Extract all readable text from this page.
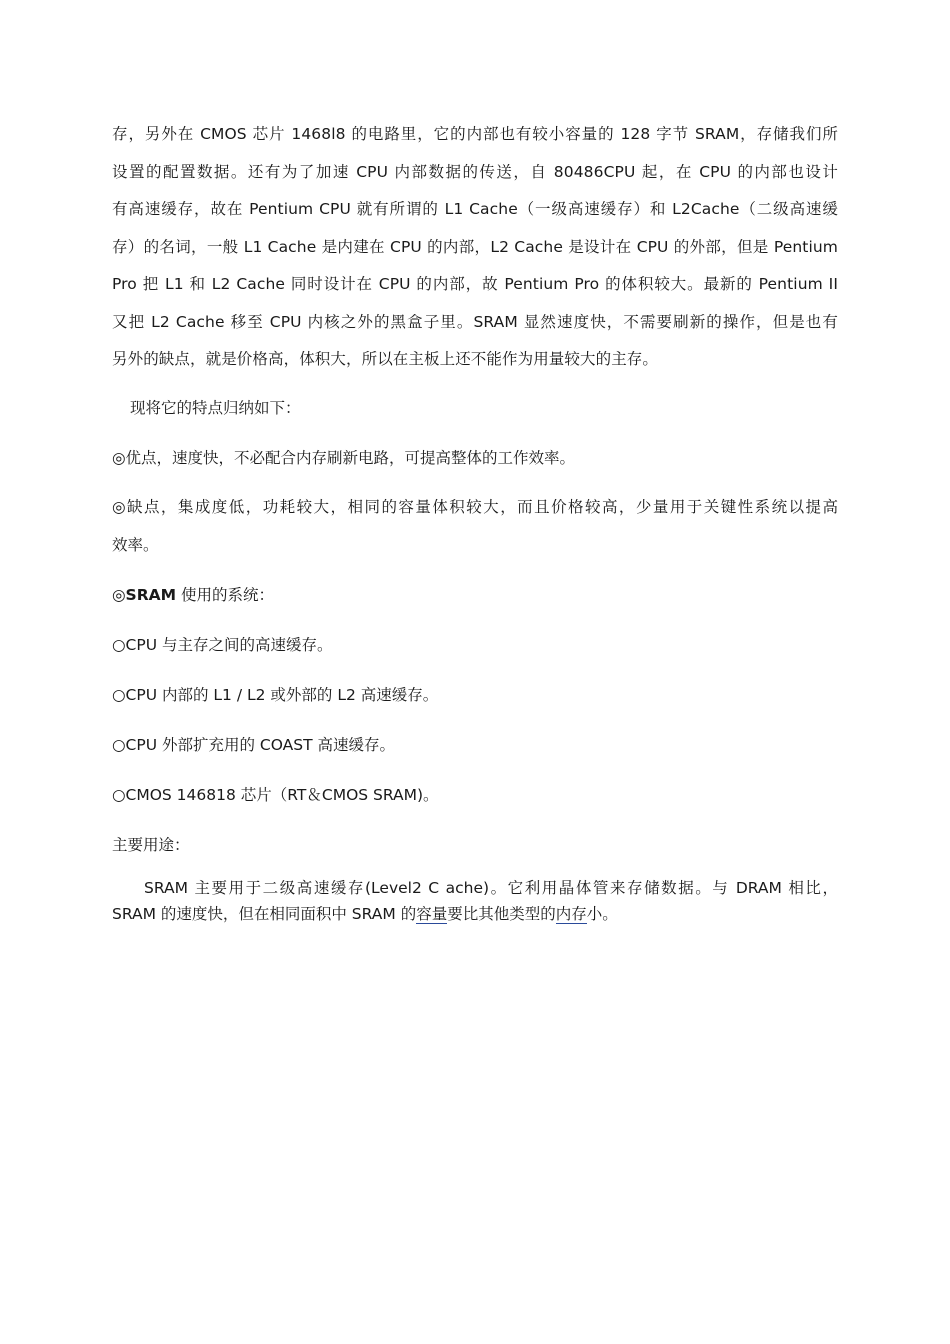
存，另外在 CMOS 芯片 1468l8 的电路里，它的内部也有较小容量的 128 字节 SRAM，存储我们所
设置的配置数据。还有为了加速 CPU 内部数据的传送，自 80486CPU 起，在 CPU 的内部也设计
有高速缓存，故在 Pentium CPU 就有所谓的 L1 Cache（一级高速缓存）和 L2Cache（二级高速缓
存）的名词，一般 L1 Cache 是内建在 CPU 的内部，L2 Cache 是设计在 CPU 的外部，但是 Pentium
Pro 把 L1 和 L2 Cache 同时设计在 CPU 的内部，故 Pentium Pro 的体积较大。最新的 Pentium II
又把 L2 Cache 移至 CPU 内核之外的黑盒子里。SRAM 显然速度快，不需要刷新的操作，但是也有
另外的缺点，就是价格高，体积大，所以在主板上还不能作为用量较大的主存。
现将它的特点归纳如下：
◎优点，速度快，不必配合内存刷新电路，可提高整体的工作效率。
◎缺点，集成度低，功耗较大，相同的容量体积较大，而且价格较高，少量用于关键性系统以提高
效率。
◎SRAM 使用的系统：
○CPU 与主存之间的高速缓存。
○CPU 内部的 L1 / L2 或外部的 L2 高速缓存。
○CPU 外部扩充用的 COAST 高速缓存。
○CMOS 146818 芯片（RT＆CMOS SRAM)。
主要用途：
SRAM 主要用于二级高速缓存(Level2 C ache)。它利用晶体管来存储数据。与 DRAM 相比，
SRAM 的速度快，但在相同面积中 SRAM 的容量要比其他类型的内存小。
